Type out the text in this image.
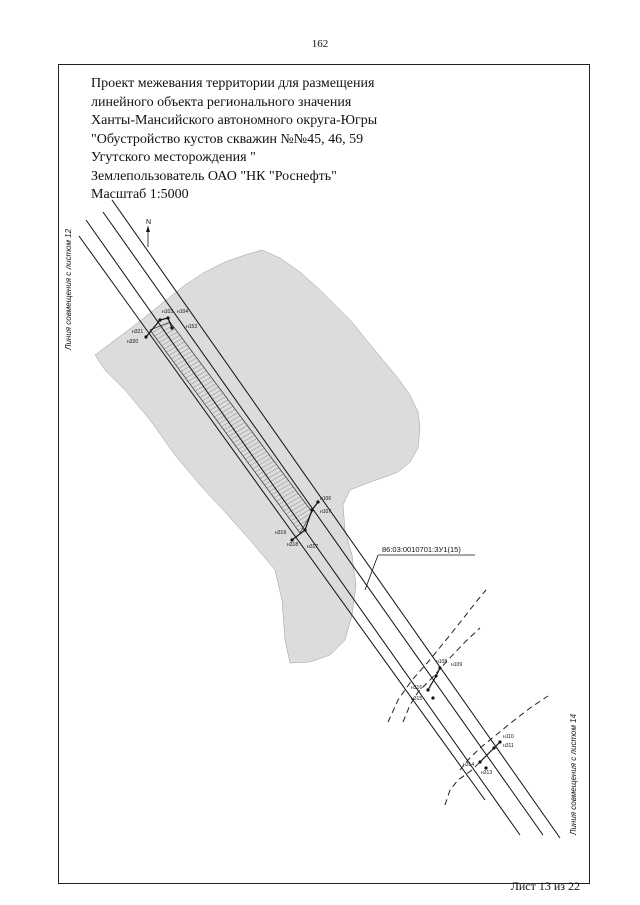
162
Проект межевания территории для размещения
линейного объекта регионального значения
Ханты-Мансийского автономного округа-Югры
"Обустройство кустов скважин №№45, 46, 59
Угутского месторождения "
Землепользователь ОАО "НК "Роснефть"
Масштаб 1:5000
86:03:0010701:ЗУ1(15)
N
Линия совмещения с листом 12
Линия совмещения с листом 14
н103 н104
н321
н153
н320
н106
н107
н319
н318 н317
н108 н109
н316
н315
н110
н311
н314
н313
Лист 13 из 22
